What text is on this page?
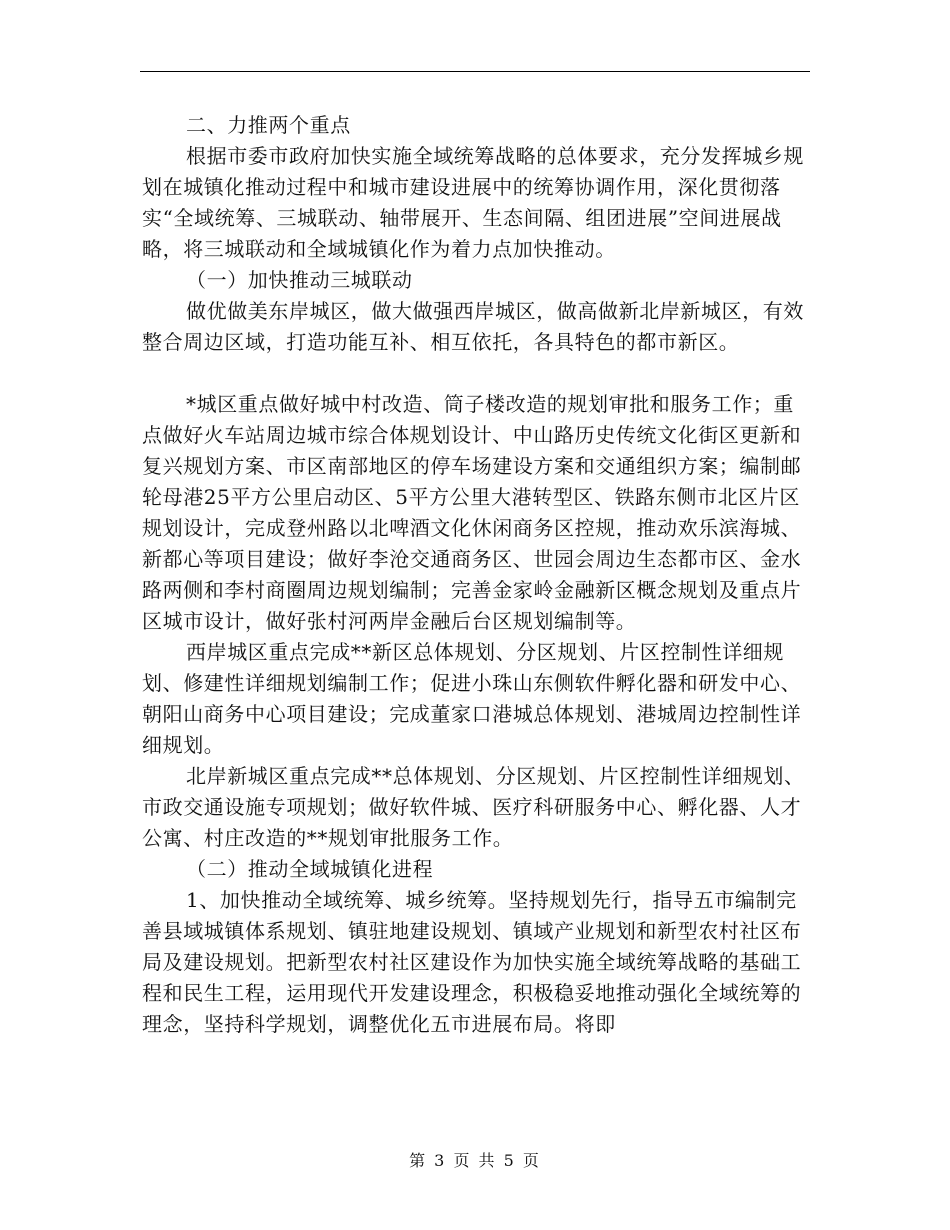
二、力推两个重点

根据市委市政府加快实施全域统筹战略的总体要求，充分发挥城乡规划在城镇化推动过程中和城市建设进展中的统筹协调作用，深化贯彻落实“全域统筹、三城联动、轴带展开、生态间隔、组团进展”空间进展战略，将三城联动和全域城镇化作为着力点加快推动。

（一）加快推动三城联动

做优做美东岸城区，做大做强西岸城区，做高做新北岸新城区，有效整合周边区域，打造功能互补、相互依托，各具特色的都市新区。

*城区重点做好城中村改造、筒子楼改造的规划审批和服务工作；重点做好火车站周边城市综合体规划设计、中山路历史传统文化街区更新和复兴规划方案、市区南部地区的停车场建设方案和交通组织方案；编制邮轮母港25平方公里启动区、5平方公里大港转型区、铁路东侧市北区片区规划设计，完成登州路以北啤酒文化休闲商务区控规，推动欢乐滨海城、新都心等项目建设；做好李沧交通商务区、世园会周边生态都市区、金水路两侧和李村商圈周边规划编制；完善金家岭金融新区概念规划及重点片区城市设计，做好张村河两岸金融后台区规划编制等。

西岸城区重点完成**新区总体规划、分区规划、片区控制性详细规划、修建性详细规划编制工作；促进小珠山东侧软件孵化器和研发中心、朝阳山商务中心项目建设；完成董家口港城总体规划、港城周边控制性详细规划。

北岸新城区重点完成**总体规划、分区规划、片区控制性详细规划、市政交通设施专项规划；做好软件城、医疗科研服务中心、孵化器、人才公寓、村庄改造的**规划审批服务工作。

（二）推动全域城镇化进程

1、加快推动全域统筹、城乡统筹。坚持规划先行，指导五市编制完善县域城镇体系规划、镇驻地建设规划、镇域产业规划和新型农村社区布局及建设规划。把新型农村社区建设作为加快实施全域统筹战略的基础工程和民生工程，运用现代开发建设理念，积极稳妥地推动强化全域统筹的理念，坚持科学规划，调整优化五市进展布局。将即

第 3 页 共 5 页
